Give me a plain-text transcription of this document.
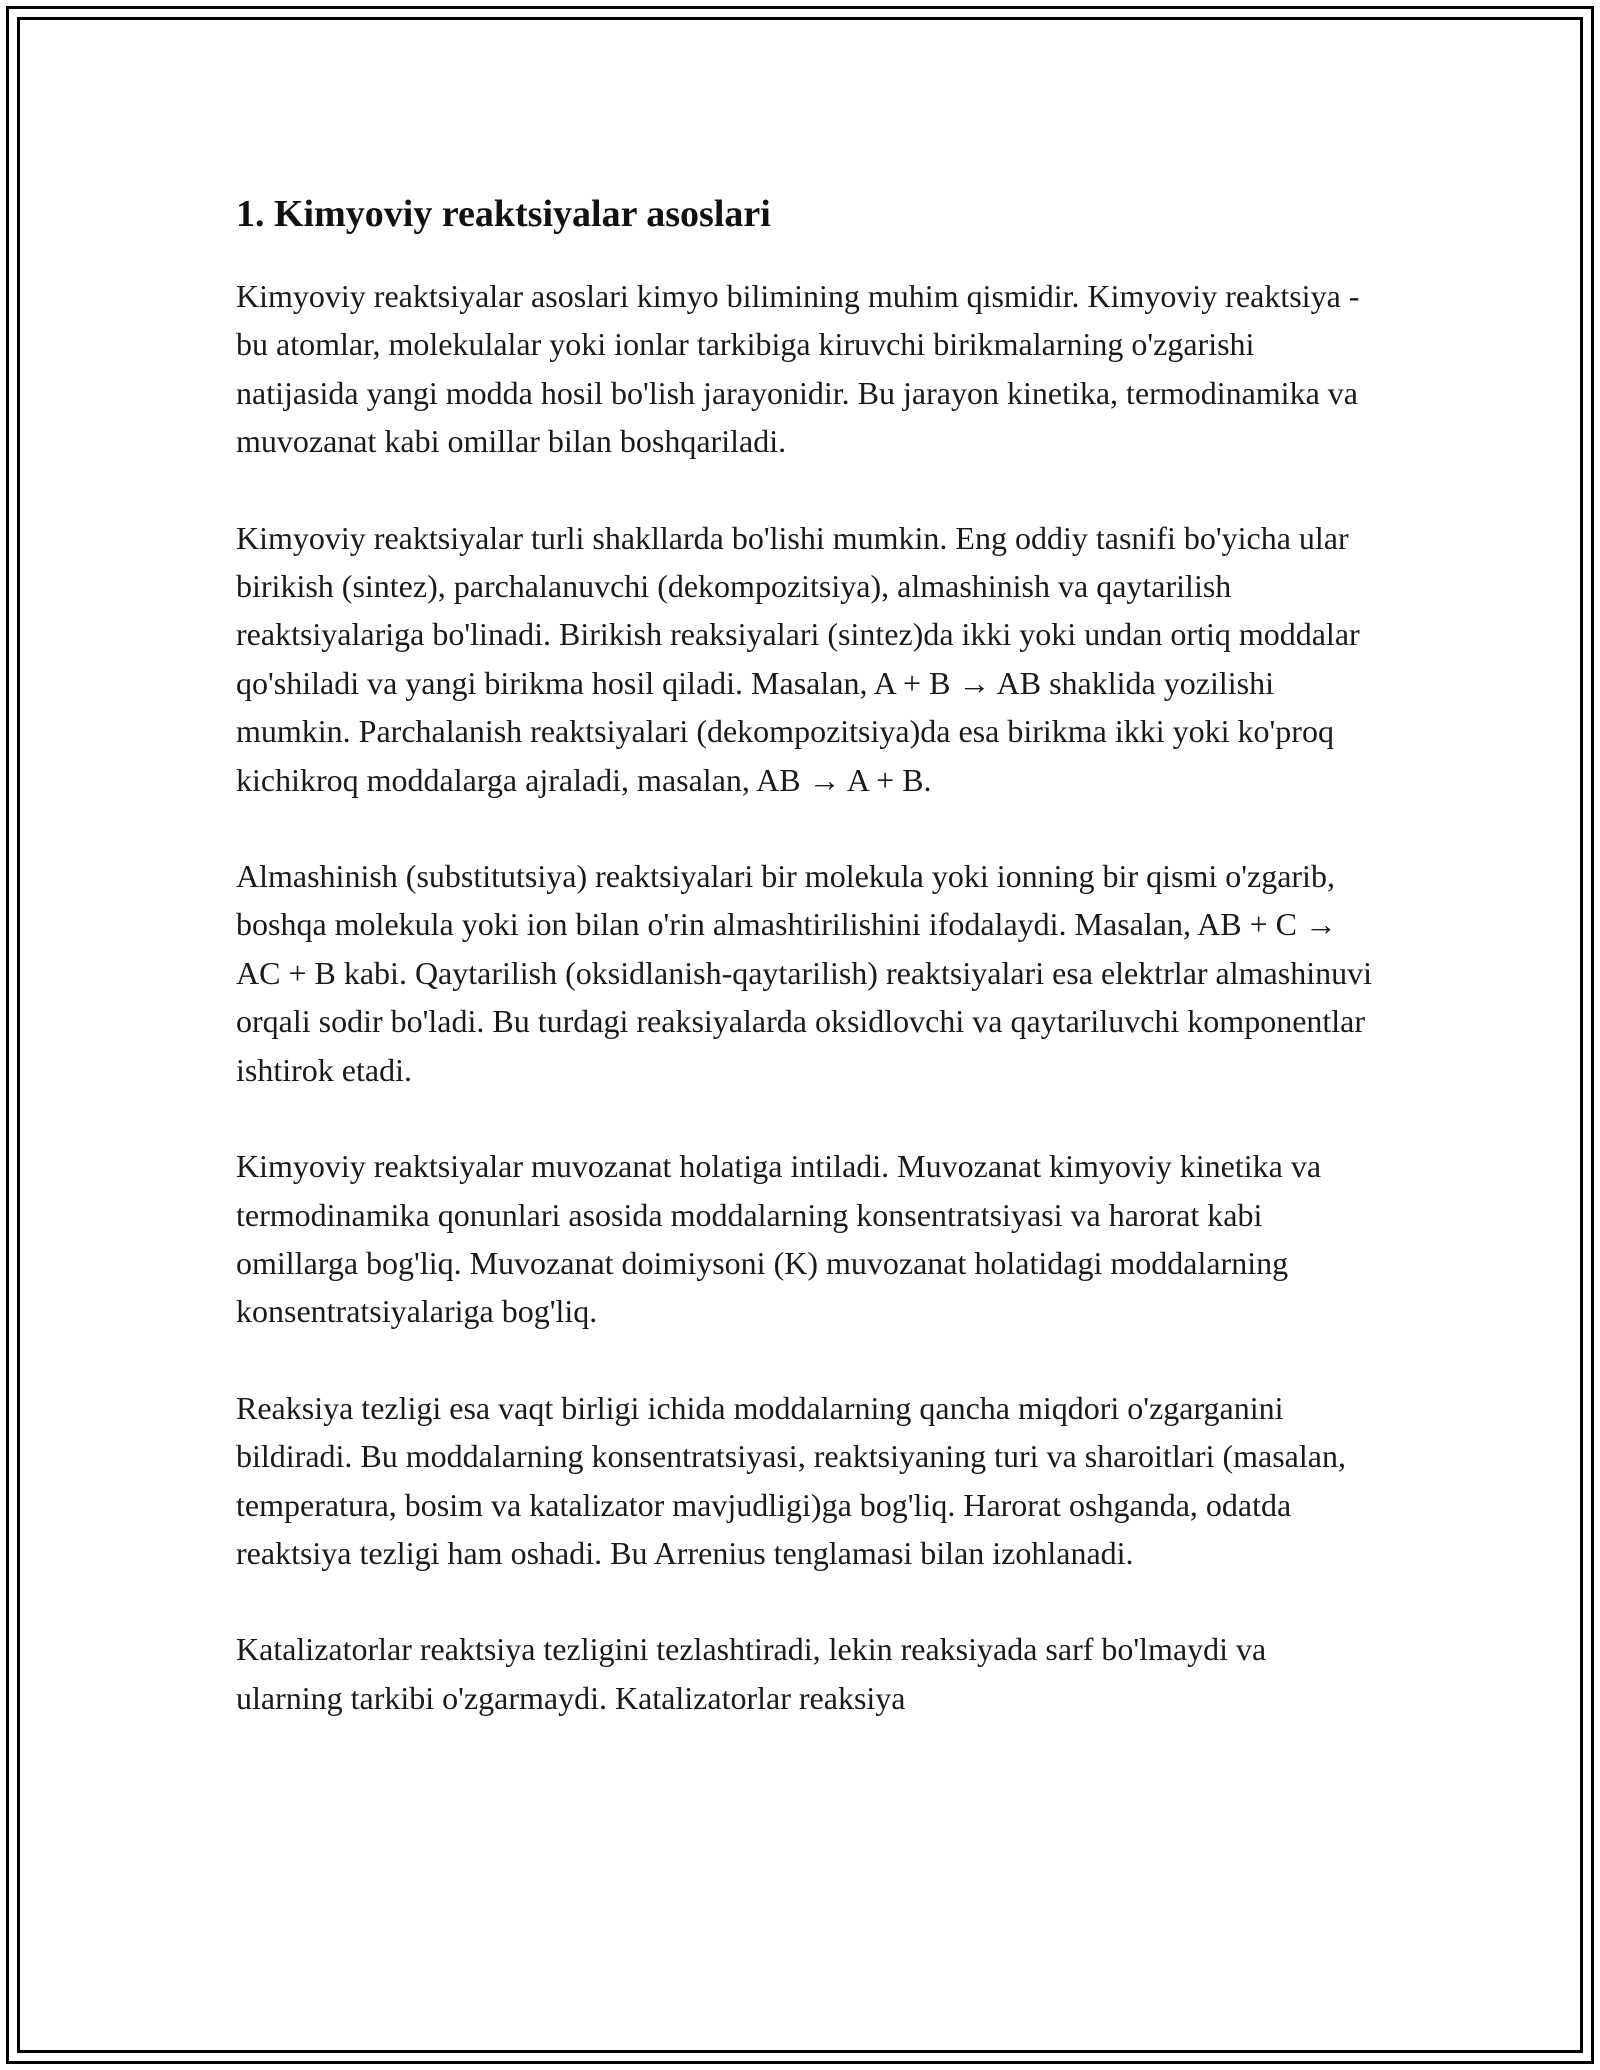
1. Kimyoviy reaktsiyalar asoslari

Kimyoviy reaktsiyalar asoslari kimyo bilimining muhim qismidir. Kimyoviy reaktsiya - bu atomlar, molekulalar yoki ionlar tarkibiga kiruvchi birikmalarning o'zgarishi natijasida yangi modda hosil bo'lish jarayonidir. Bu jarayon kinetika, termodinamika va muvozanat kabi omillar bilan boshqariladi.

Kimyoviy reaktsiyalar turli shakllarda bo'lishi mumkin. Eng oddiy tasnifi bo'yicha ular birikish (sintez), parchalanuvchi (dekompozitsiya), almashinish va qaytarilish reaktsiyalariga bo'linadi. Birikish reaksiyalari (sintez)da ikki yoki undan ortiq moddalar qo'shiladi va yangi birikma hosil qiladi. Masalan, A + B → AB shaklida yozilishi mumkin. Parchalanish reaktsiyalari (dekompozitsiya)da esa birikma ikki yoki ko'proq kichikroq moddalarga ajraladi, masalan, AB → A + B.

Almashinish (substitutsiya) reaktsiyalari bir molekula yoki ionning bir qismi o'zgarib, boshqa molekula yoki ion bilan o'rin almashtirilishini ifodalaydi. Masalan, AB + C → AC + B kabi. Qaytarilish (oksidlanish-qaytarilish) reaktsiyalari esa elektrlar almashinuvi orqali sodir bo'ladi. Bu turdagi reaksiyalarda oksidlovchi va qaytariluvchi komponentlar ishtirok etadi.

Kimyoviy reaktsiyalar muvozanat holatiga intiladi. Muvozanat kimyoviy kinetika va termodinamika qonunlari asosida moddalarning konsentratsiyasi va harorat kabi omillarga bog'liq. Muvozanat doimiysoni (K) muvozanat holatidagi moddalarning konsentratsiyalariga bog'liq.

Reaksiya tezligi esa vaqt birligi ichida moddalarning qancha miqdori o'zgarganini bildiradi. Bu moddalarning konsentratsiyasi, reaktsiyaning turi va sharoitlari (masalan, temperatura, bosim va katalizator mavjudligi)ga bog'liq. Harorat oshganda, odatda reaktsiya tezligi ham oshadi. Bu Arrenius tenglamasi bilan izohlanadi.

Katalizatorlar reaktsiya tezligini tezlashtiradi, lekin reaksiyada sarf bo'lmaydi va ularning tarkibi o'zgarmaydi. Katalizatorlar reaksiya
